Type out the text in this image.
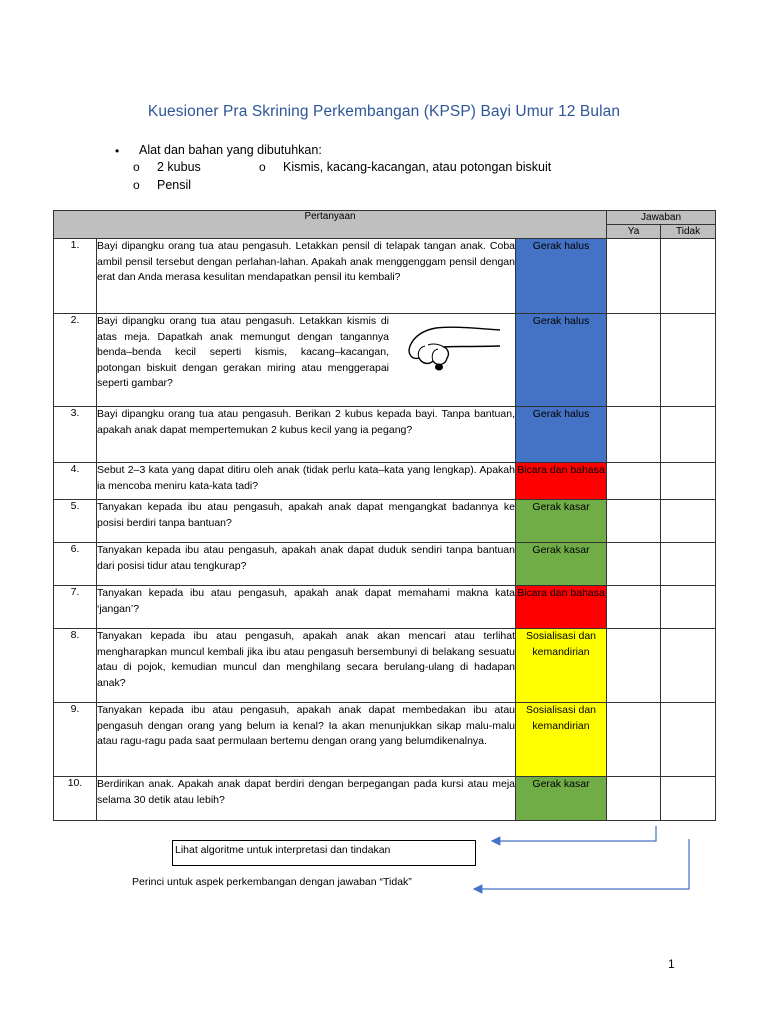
Kuesioner Pra Skrining Perkembangan (KPSP) Bayi Umur 12 Bulan
• Alat dan bahan yang dibutuhkan:
o 2 kubus	o Kismis, kacang-kacangan, atau potongan biskuit
o Pensil
Pertanyaan			Jawaban	
			Ya	Tidak
1.	Bayi dipangku orang tua atau pengasuh. Letakkan pensil di telapak tangan anak. Coba ambil pensil tersebut dengan perlahan-lahan. Apakah anak menggenggam pensil dengan erat dan Anda merasa kesulitan mendapatkan pensil itu kembali?	Gerak halus		
2.	Bayi dipangku orang tua atau pengasuh. Letakkan kismis di atas meja. Dapatkah anak memungut dengan tangannya benda–benda kecil seperti kismis, kacang–kacangan, potongan biskuit dengan gerakan miring atau menggerapai seperti gambar?	Gerak halus		
3.	Bayi dipangku orang tua atau pengasuh. Berikan 2 kubus kepada bayi. Tanpa bantuan, apakah anak dapat mempertemukan 2 kubus kecil yang ia pegang?	Gerak halus		
4.	Sebut 2–3 kata yang dapat ditiru oleh anak (tidak perlu kata–kata yang lengkap). Apakah ia mencoba meniru kata-kata tadi?	Bicara dan bahasa		
5.	Tanyakan kepada ibu atau pengasuh, apakah anak dapat mengangkat badannya ke posisi berdiri tanpa bantuan?	Gerak kasar		
6.	Tanyakan kepada ibu atau pengasuh, apakah anak dapat duduk sendiri tanpa bantuan dari posisi tidur atau tengkurap?	Gerak kasar		
7.	Tanyakan kepada ibu atau pengasuh, apakah anak dapat memahami makna kata ‘jangan’?	Bicara dan bahasa		
8.	Tanyakan kepada ibu atau pengasuh, apakah anak akan mencari atau terlihat mengharapkan muncul kembali jika ibu atau pengasuh bersembunyi di belakang sesuatu atau di pojok, kemudian muncul dan menghilang secara berulang-ulang di hadapan anak?	Sosialisasi dan kemandirian		
9.	Tanyakan kepada ibu atau pengasuh, apakah anak dapat membedakan ibu atau pengasuh dengan orang yang belum ia kenal? Ia akan menunjukkan sikap malu-malu atau ragu-ragu pada saat permulaan bertemu dengan orang yang belumdikenalnya.	Sosialisasi dan kemandirian		
10.	Berdirikan anak. Apakah anak dapat berdiri dengan berpegangan pada kursi atau meja selama 30 detik atau lebih?	Gerak kasar		
Lihat algoritme untuk interpretasi dan tindakan
Perinci untuk aspek perkembangan dengan jawaban “Tidak”
1
